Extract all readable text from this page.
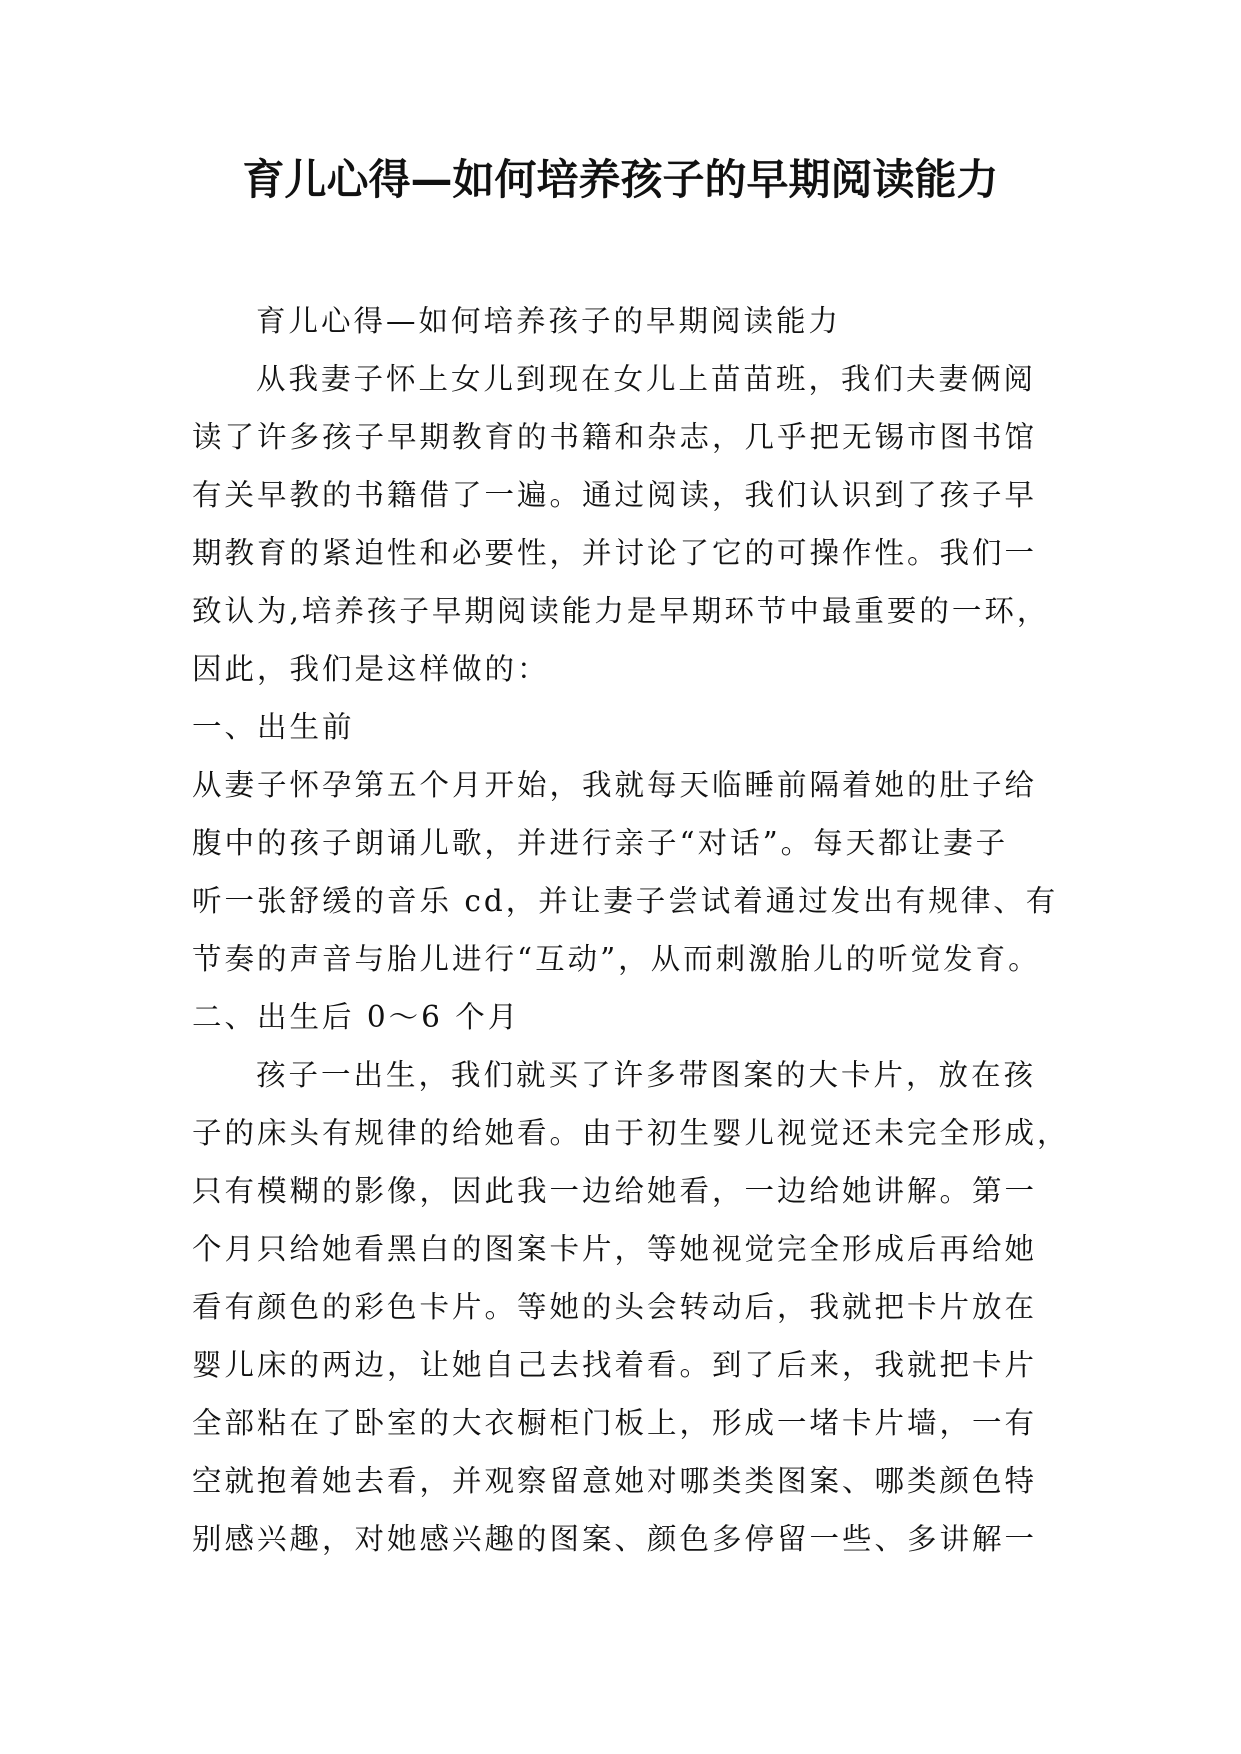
育儿心得—如何培养孩子的早期阅读能力
育儿心得—如何培养孩子的早期阅读能力
从我妻子怀上女儿到现在女儿上苗苗班，我们夫妻俩阅
读了许多孩子早期教育的书籍和杂志，几乎把无锡市图书馆
有关早教的书籍借了一遍。通过阅读，我们认识到了孩子早
期教育的紧迫性和必要性，并讨论了它的可操作性。我们一
致认为,培养孩子早期阅读能力是早期环节中最重要的一环，
因此，我们是这样做的：
一、出生前
从妻子怀孕第五个月开始，我就每天临睡前隔着她的肚子给
腹中的孩子朗诵儿歌，并进行亲子“对话”。每天都让妻子
听一张舒缓的音乐 cd，并让妻子尝试着通过发出有规律、有
节奏的声音与胎儿进行“互动”，从而刺激胎儿的听觉发育。
二、出生后 0～6 个月
孩子一出生，我们就买了许多带图案的大卡片，放在孩
子的床头有规律的给她看。由于初生婴儿视觉还未完全形成，
只有模糊的影像，因此我一边给她看，一边给她讲解。第一
个月只给她看黑白的图案卡片，等她视觉完全形成后再给她
看有颜色的彩色卡片。等她的头会转动后，我就把卡片放在
婴儿床的两边，让她自己去找着看。到了后来，我就把卡片
全部粘在了卧室的大衣橱柜门板上，形成一堵卡片墙，一有
空就抱着她去看，并观察留意她对哪类类图案、哪类颜色特
别感兴趣，对她感兴趣的图案、颜色多停留一些、多讲解一
